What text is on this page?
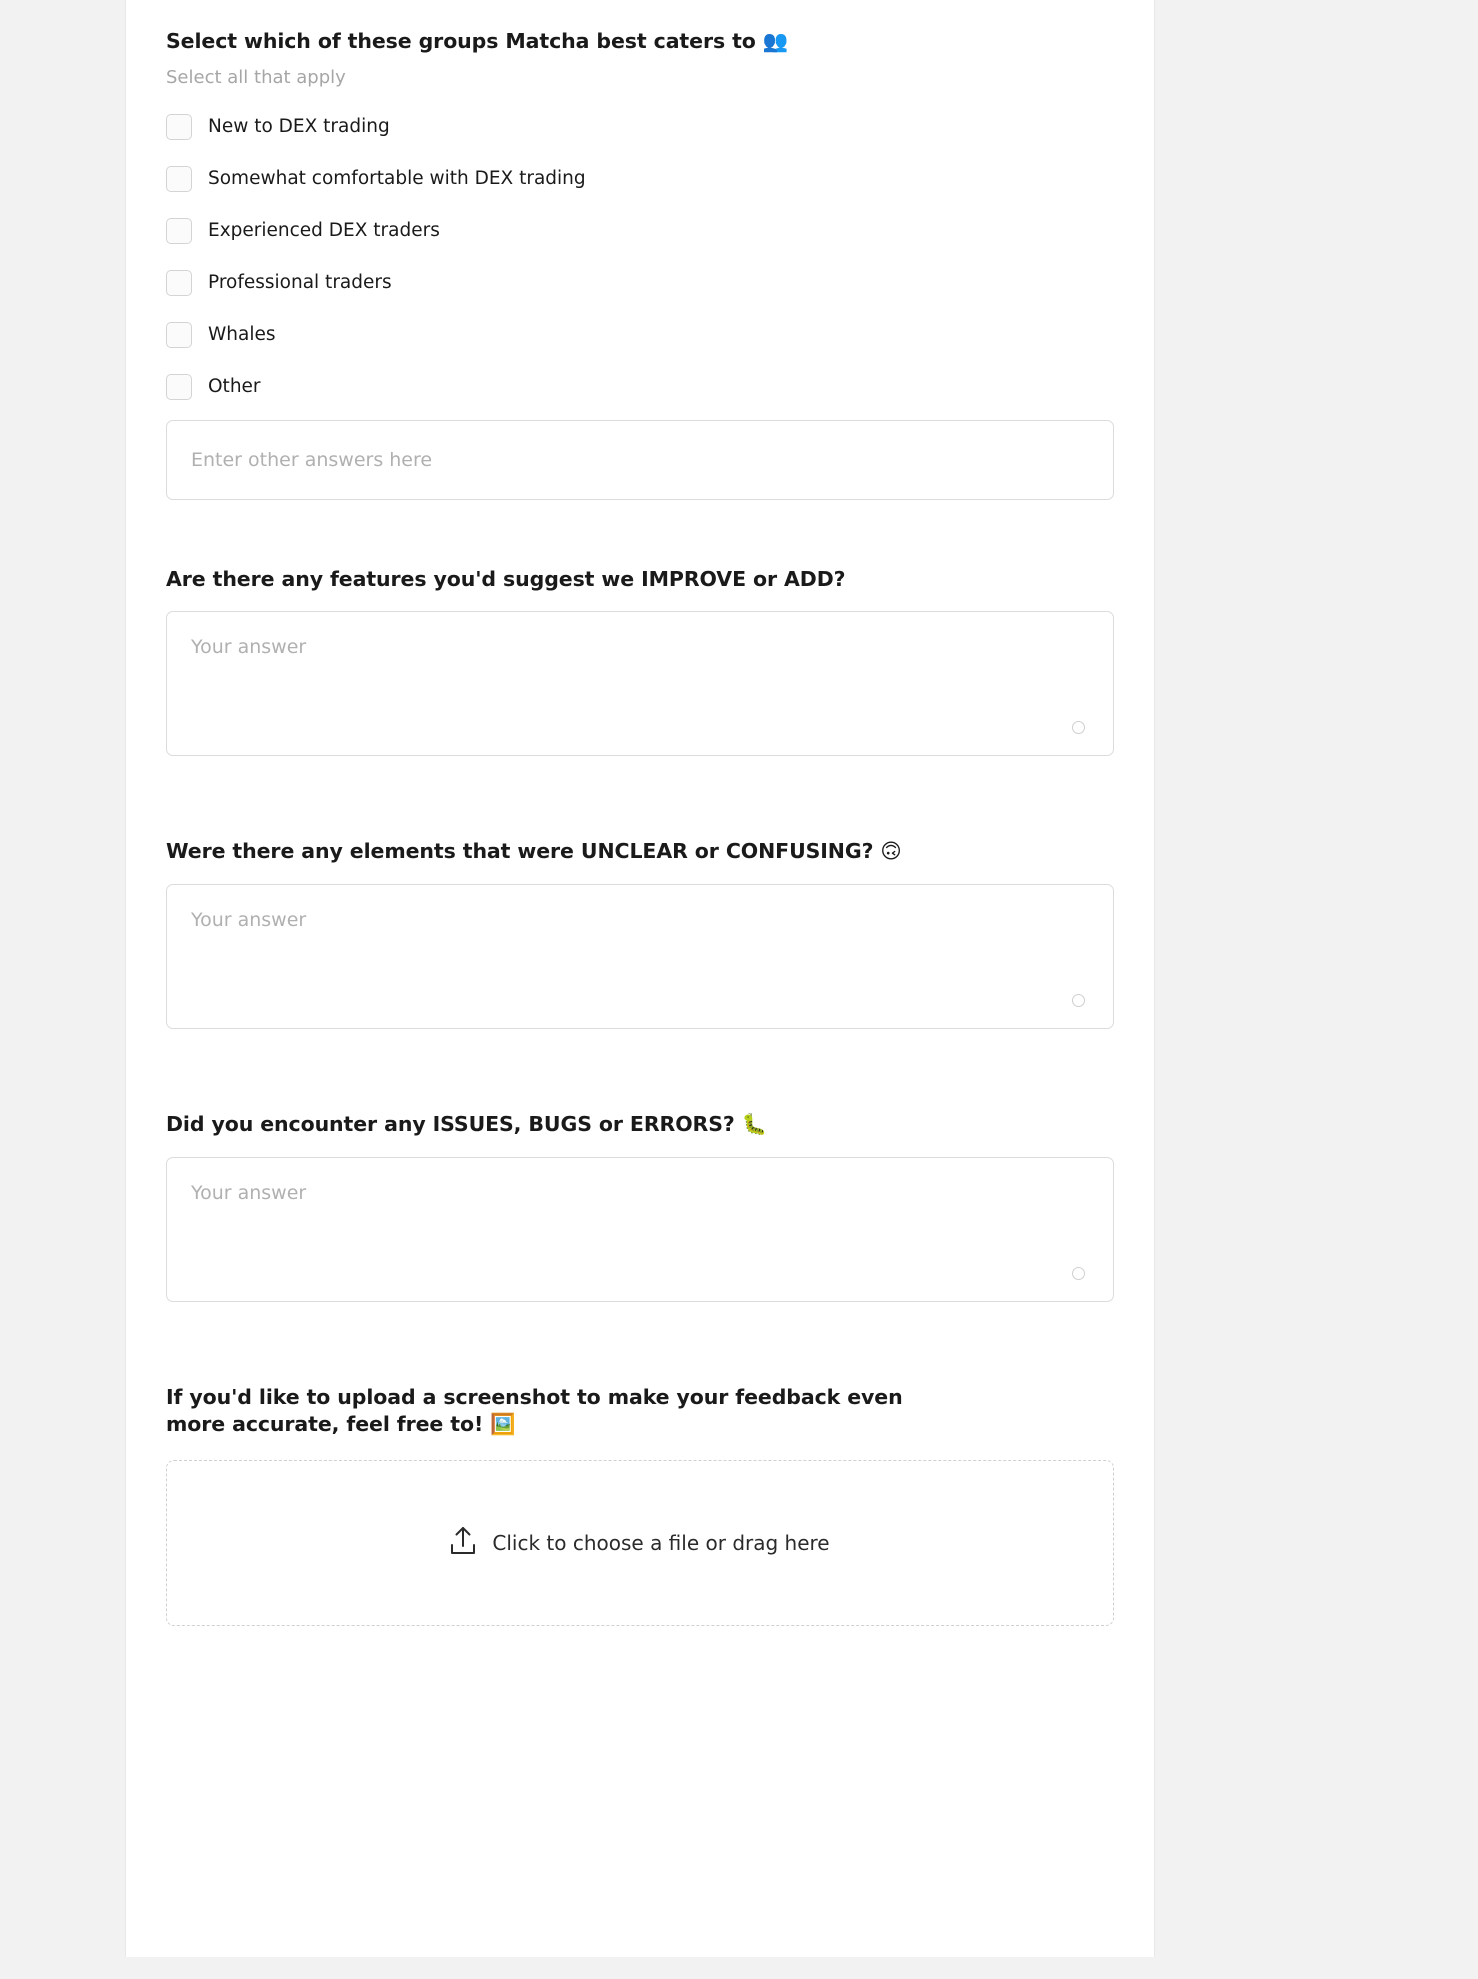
Select which of these groups Matcha best caters to 👥
Select all that apply
New to DEX trading
Somewhat comfortable with DEX trading
Experienced DEX traders
Professional traders
Whales
Other
Enter other answers here
Are there any features you'd suggest we IMPROVE or ADD?
Your answer
Were there any elements that were UNCLEAR or CONFUSING? 🙃
Your answer
Did you encounter any ISSUES, BUGS or ERRORS? 🐛
Your answer
If you'd like to upload a screenshot to make your feedback even more accurate, feel free to! 🖼️
Click to choose a file or drag here
